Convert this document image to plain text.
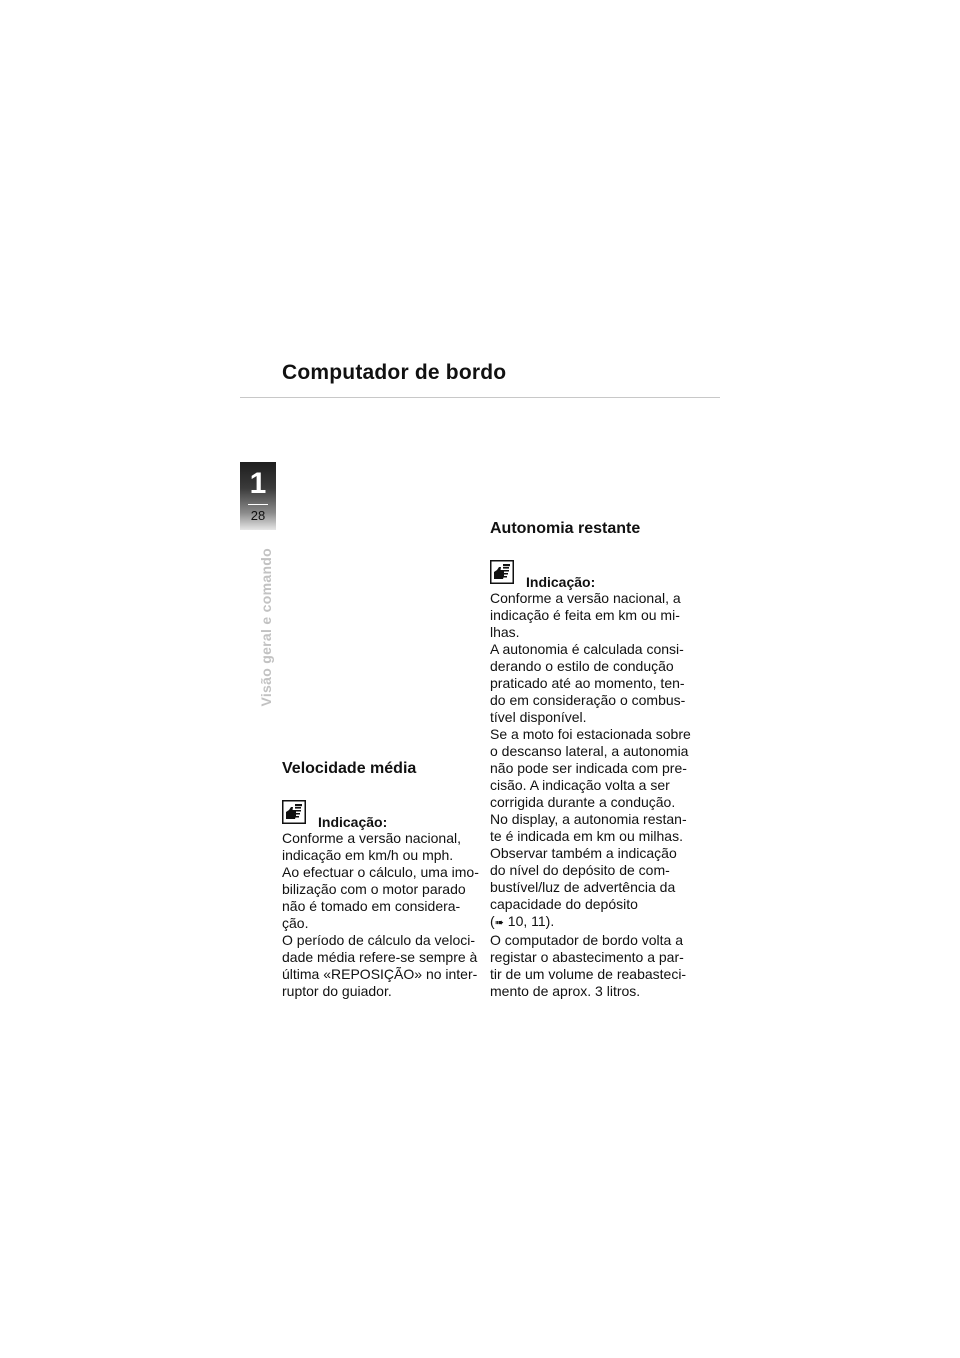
Computador de bordo
1
28
Visão geral e comando
Velocidade média
Indicação:

Conforme a versão nacional,
indicação em km/h ou mph.
Ao efectuar o cálculo, uma imo-
bilização com o motor parado
não é tomado em considera-
ção.
O período de cálculo da veloci-
dade média refere-se sempre à
última «REPOSIÇÃO» no inter-
ruptor do guiador.

Autonomia restante
Indicação:

Conforme a versão nacional, a
indicação é feita em km ou mi-
lhas.
A autonomia é calculada consi-
derando o estilo de condução
praticado até ao momento, ten-
do em consideração o combus-
tível disponível.
Se a moto foi estacionada sobre
o descanso lateral, a autonomia
não pode ser indicada com pre-
cisão. A indicação volta a ser
corrigida durante a condução.
No display, a autonomia restan-
te é indicada em km ou milhas.
Observar também a indicação
do nível do depósito de com-
bustível/luz de advertência da
capacidade do depósito
(➠ 10, 11).
O computador de bordo volta a
registar o abastecimento a par-
tir de um volume de reabasteci-
mento de aprox. 3 litros.
